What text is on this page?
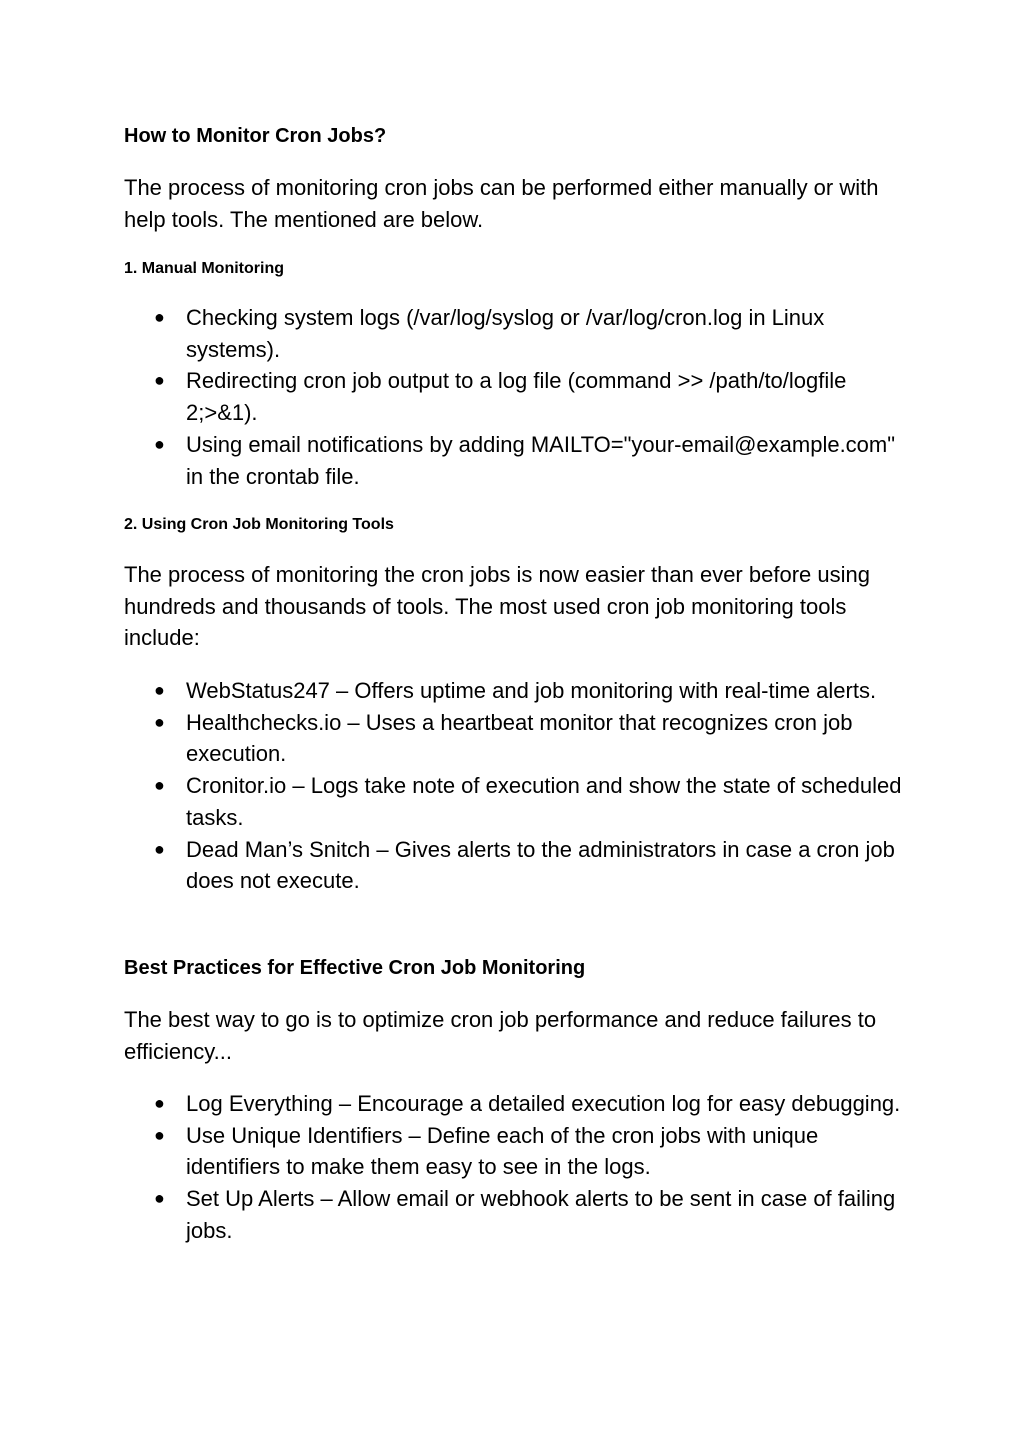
How to Monitor Cron Jobs?

The process of monitoring cron jobs can be performed either manually or with help tools. The mentioned are below.

1. Manual Monitoring
● Checking system logs (/var/log/syslog or /var/log/cron.log in Linux systems).
● Redirecting cron job output to a log file (command >> /path/to/logfile 2;>&1).
● Using email notifications by adding MAILTO="your-email@example.com" in the crontab file.
2. Using Cron Job Monitoring Tools

The process of monitoring the cron jobs is now easier than ever before using hundreds and thousands of tools. The most used cron job monitoring tools include:

● WebStatus247 – Offers uptime and job monitoring with real-time alerts.
● Healthchecks.io – Uses a heartbeat monitor that recognizes cron job execution.
● Cronitor.io – Logs take note of execution and show the state of scheduled tasks.
● Dead Man’s Snitch – Gives alerts to the administrators in case a cron job does not execute.
Best Practices for Effective Cron Job Monitoring

The best way to go is to optimize cron job performance and reduce failures to efficiency...

● Log Everything – Encourage a detailed execution log for easy debugging.
● Use Unique Identifiers – Define each of the cron jobs with unique identifiers to make them easy to see in the logs.
● Set Up Alerts – Allow email or webhook alerts to be sent in case of failing jobs.
